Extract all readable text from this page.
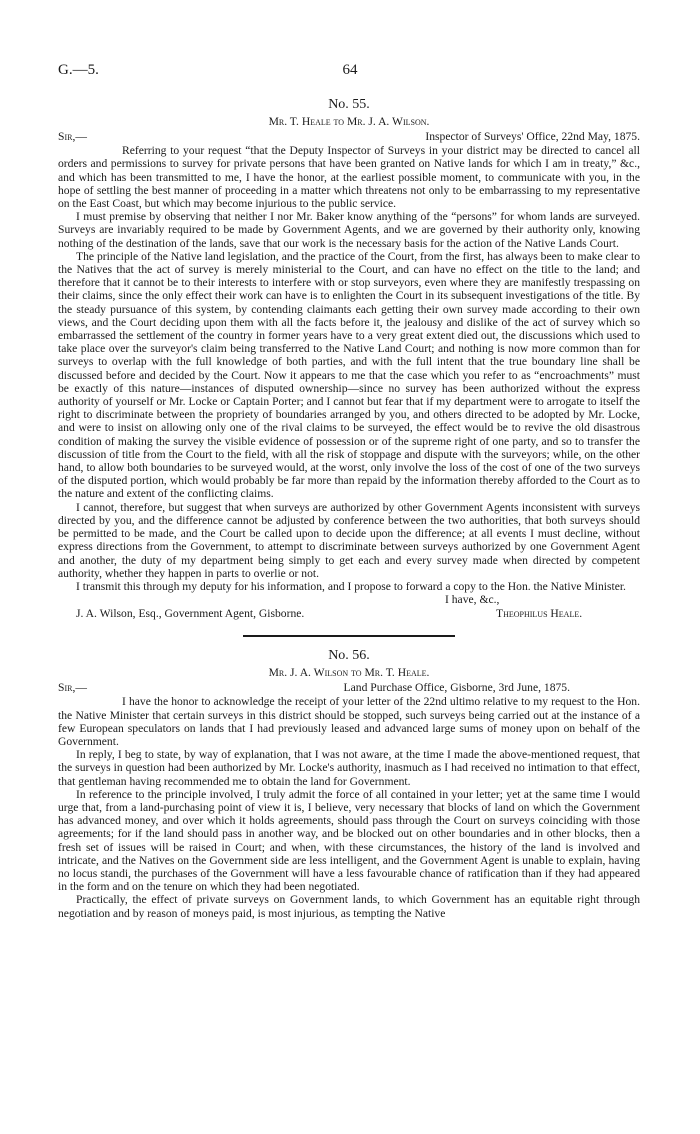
G.—5.	64

No. 55.

Mr. T. Heale to Mr. J. A. Wilson.

Sir,—	Inspector of Surveys' Office, 22nd May, 1875.

Referring to your request “that the Deputy Inspector of Surveys in your district may be directed to cancel all orders and permissions to survey for private persons that have been granted on Native lands for which I am in treaty,” &c., and which has been transmitted to me, I have the honor, at the earliest possible moment, to communicate with you, in the hope of settling the best manner of proceeding in a matter which threatens not only to be embarrassing to my representative on the East Coast, but which may become injurious to the public service.

I must premise by observing that neither I nor Mr. Baker know anything of the “persons” for whom lands are surveyed. Surveys are invariably required to be made by Government Agents, and we are governed by their authority only, knowing nothing of the destination of the lands, save that our work is the necessary basis for the action of the Native Lands Court.

The principle of the Native land legislation, and the practice of the Court, from the first, has always been to make clear to the Natives that the act of survey is merely ministerial to the Court, and can have no effect on the title to the land; and therefore that it cannot be to their interests to interfere with or stop surveyors, even where they are manifestly trespassing on their claims, since the only effect their work can have is to enlighten the Court in its subsequent investigations of the title. By the steady pursuance of this system, by contending claimants each getting their own survey made according to their own views, and the Court deciding upon them with all the facts before it, the jealousy and dislike of the act of survey which so embarrassed the settlement of the country in former years have to a very great extent died out, the discussions which used to take place over the surveyor's claim being transferred to the Native Land Court; and nothing is now more common than for surveys to overlap with the full knowledge of both parties, and with the full intent that the true boundary line shall be discussed before and decided by the Court. Now it appears to me that the case which you refer to as “encroachments” must be exactly of this nature—instances of disputed ownership—since no survey has been authorized without the express authority of yourself or Mr. Locke or Captain Porter; and I cannot but fear that if my department were to arrogate to itself the right to discriminate between the propriety of boundaries arranged by you, and others directed to be adopted by Mr. Locke, and were to insist on allowing only one of the rival claims to be surveyed, the effect would be to revive the old disastrous condition of making the survey the visible evidence of possession or of the supreme right of one party, and so to transfer the discussion of title from the Court to the field, with all the risk of stoppage and dispute with the surveyors; while, on the other hand, to allow both boundaries to be surveyed would, at the worst, only involve the loss of the cost of one of the two surveys of the disputed portion, which would probably be far more than repaid by the information thereby afforded to the Court as to the nature and extent of the conflicting claims.

I cannot, therefore, but suggest that when surveys are authorized by other Government Agents inconsistent with surveys directed by you, and the difference cannot be adjusted by conference between the two authorities, that both surveys should be permitted to be made, and the Court be called upon to decide upon the difference; at all events I must decline, without express directions from the Government, to attempt to discriminate between surveys authorized by one Government Agent and another, the duty of my department being simply to get each and every survey made when directed by competent authority, whether they happen in parts to overlie or not.

I transmit this through my deputy for his information, and I propose to forward a copy to the Hon. the Native Minister.

I have, &c.,
J. A. Wilson, Esq., Government Agent, Gisborne.	Theophilus Heale.

No. 56.

Mr. J. A. Wilson to Mr. T. Heale.

Sir,—	Land Purchase Office, Gisborne, 3rd June, 1875.

I have the honor to acknowledge the receipt of your letter of the 22nd ultimo relative to my request to the Hon. the Native Minister that certain surveys in this district should be stopped, such surveys being carried out at the instance of a few European speculators on lands that I had previously leased and advanced large sums of money upon on behalf of the Government.

In reply, I beg to state, by way of explanation, that I was not aware, at the time I made the above-mentioned request, that the surveys in question had been authorized by Mr. Locke's authority, inasmuch as I had received no intimation to that effect, that gentleman having recommended me to obtain the land for Government.

In reference to the principle involved, I truly admit the force of all contained in your letter; yet at the same time I would urge that, from a land-purchasing point of view it is, I believe, very necessary that blocks of land on which the Government has advanced money, and over which it holds agreements, should pass through the Court on surveys coinciding with those agreements; for if the land should pass in another way, and be blocked out on other boundaries and in other blocks, then a fresh set of issues will be raised in Court; and when, with these circumstances, the history of the land is involved and intricate, and the Natives on the Government side are less intelligent, and the Government Agent is unable to explain, having no locus standi, the purchases of the Government will have a less favourable chance of ratification than if they had appeared in the form and on the tenure on which they had been negotiated.

Practically, the effect of private surveys on Government lands, to which Government has an equitable right through negotiation and by reason of moneys paid, is most injurious, as tempting the Native
